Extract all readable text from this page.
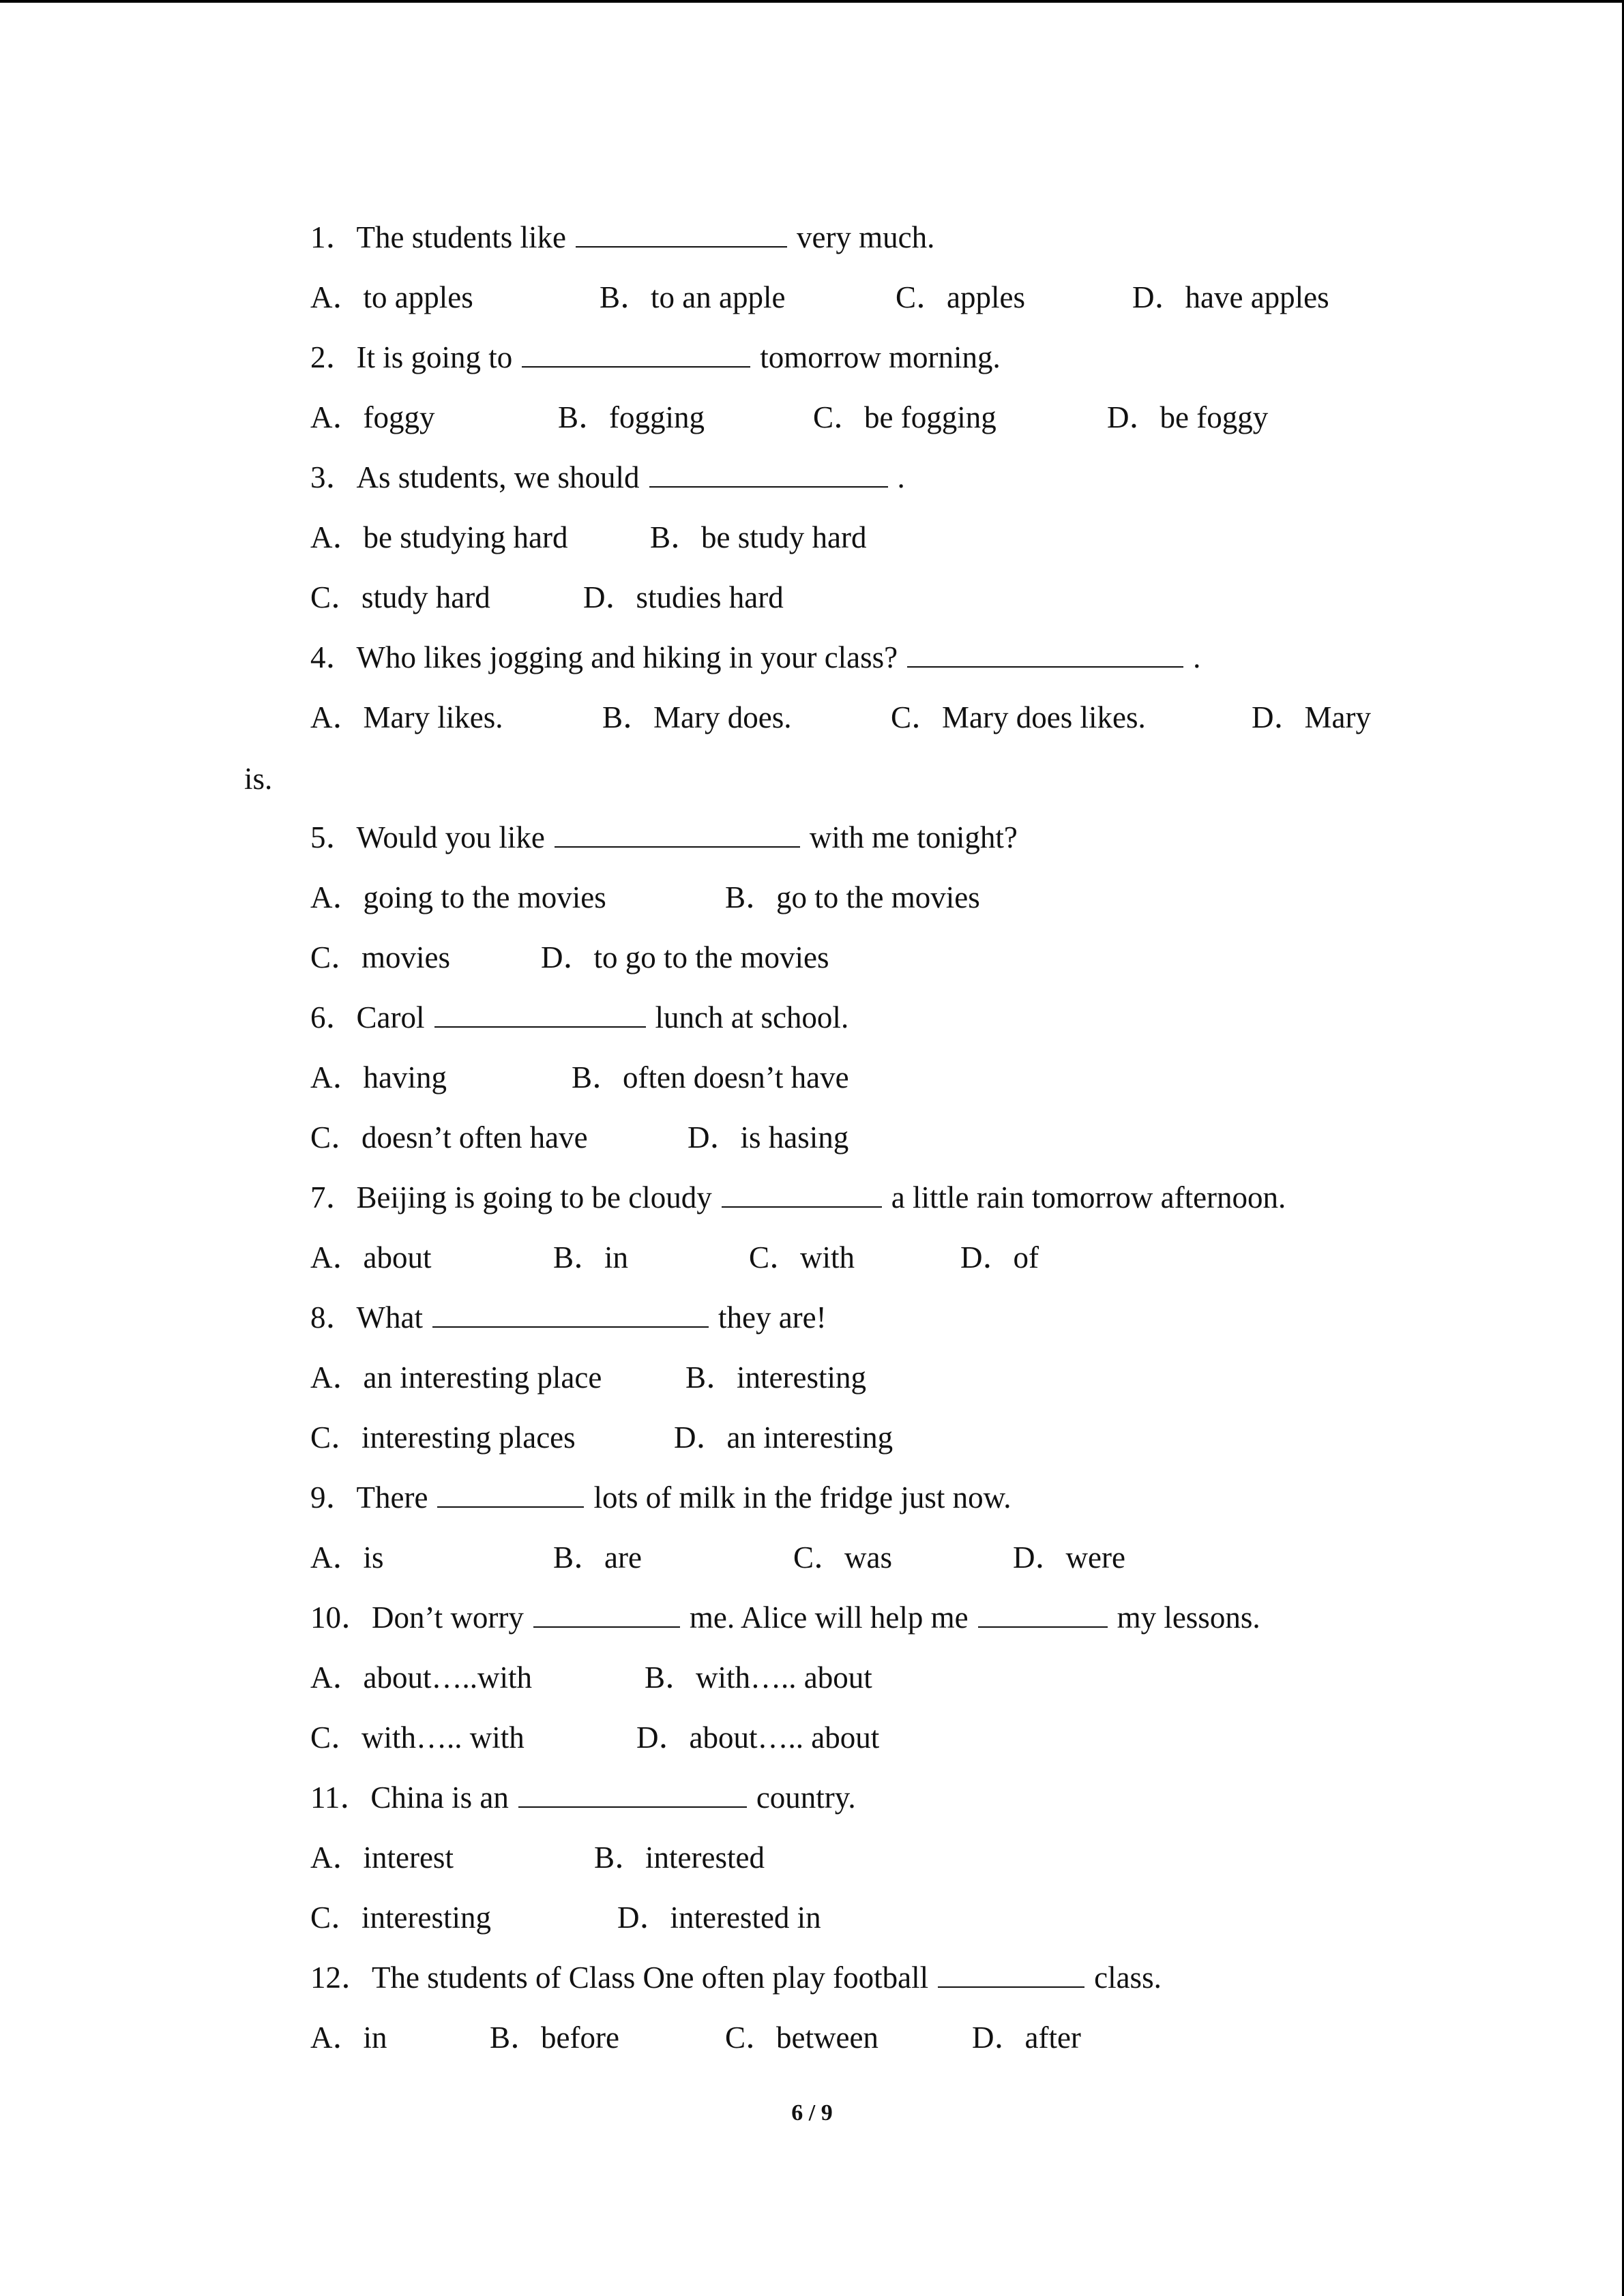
1．The students like	very much.
A．to apples	B．to an apple	C．apples	D．have apples
2．It is going to	tomorrow morning.
A．foggy	B．fogging	C．be fogging	D．be foggy
3．As students, we should	.
A．be studying hard	B．be study hard
C．study hard	D．studies hard
4．Who likes jogging and hiking in your class?	.
A．Mary likes.	B．Mary does.	C．Mary does likes.	D．Mary
5．Would you like	with me tonight?
A．going to the movies	B．go to the movies
C．movies	D．to go to the movies
6．Carol	lunch at school.
A．having	B．often doesn’t have
C．doesn’t often have	D．is hasing
7．Beijing is going to be cloudy	a little rain tomorrow afternoon.
A．about	B．in	C．with	D．of
8．What	they are!
A．an interesting place	B．interesting
C．interesting places	D．an interesting
9．There	lots of milk in the fridge just now.
A．is	B．are	C．was	D．were
10．Don’t worry	me. Alice will help me	my lessons.
A．about…..with	B．with….. about
C．with….. with	D．about….. about
11．China is an	country.
A．interest	B．interested
C．interesting	D．interested in
12．The students of Class One often play football	class.
A．in	B．before	C．between	D．after
is.
6 / 9
